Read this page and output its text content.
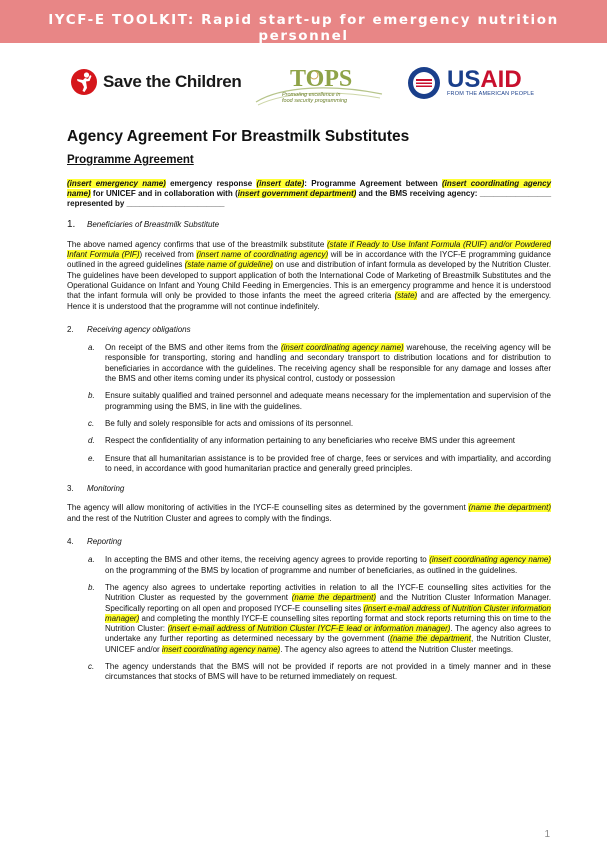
IYCF-E TOOLKIT: Rapid start-up for emergency nutrition personnel
Save the Children TOPS
Promoting excellence in food security programming
USAID
FROM THE AMERICAN PEOPLE
Agency Agreement For Breastmilk Substitutes
Programme Agreement

(insert emergency name) emergency response (insert date): Programme Agreement between (insert coordinating agency name) for UNICEF and in collaboration with (insert government department) and the BMS receiving agency: ________________ represented by ______________________

1. Beneficiaries of Breastmilk Substitute

The above named agency confirms that use of the breastmilk substitute (state if Ready to Use Infant Formula (RUIF) and/or Powdered Infant Formula (PIF)) received from (insert name of coordinating agency) will be in accordance with the IYCF-E programming guidance outlined in the agreed guidelines (state name of guideline) on use and distribution of infant formula as developed by the Nutrition Cluster. The guidelines have been developed to support application of both the International Code of Marketing of Breastmilk Substitutes and the Operational Guidance on Infant and Young Child Feeding in Emergencies. This is an emergency programme and hence it is understood that the infant formula will only be provided to those infants the meet the agreed criteria (state) and are affected by the emergency. Hence it is understood that the programme will not continue indefinitely.

2. Receiving agency obligations
a. On receipt of the BMS and other items from the (insert coordinating agency name) warehouse, the receiving agency will be responsible for transporting, storing and handling and secondary transport to distribution locations and for distribution to beneficiaries in accordance with the guidelines. The receiving agency shall be responsible for any damage and losses after the BMS and other items coming under its physical control, custody or possession
b. Ensure suitably qualified and trained personnel and adequate means necessary for the implementation and supervision of the programming using the BMS, in line with the guidelines.
c. Be fully and solely responsible for acts and omissions of its personnel.
d. Respect the confidentiality of any information pertaining to any beneficiaries who receive BMS under this agreement
e. Ensure that all humanitarian assistance is to be provided free of charge, fees or services and with impartiality, and according to need, in accordance with good humanitarian practice and generally greed principles.
3. Monitoring

The agency will allow monitoring of activities in the IYCF-E counselling sites as determined by the government (name the department) and the rest of the Nutrition Cluster and agrees to comply with the findings.

4. Reporting
a. In accepting the BMS and other items, the receiving agency agrees to provide reporting to (insert coordinating agency name) on the programming of the BMS by location of programme and number of beneficiaries, as outlined in the guidelines.
b. The agency also agrees to undertake reporting activities in relation to all the IYCF-E counselling sites activities for the Nutrition Cluster as requested by the government (name the department) and the Nutrition Cluster Information Manager. Specifically reporting on all open and proposed IYCF-E counselling sites (insert e-mail address of Nutrition Cluster information manager) and completing the monthly IYCF-E counselling sites reporting format and stock reports returning this on time to the Nutrition Cluster: (insert e-mail address of Nutrition Cluster IYCF-E lead or information manager). The agency also agrees to undertake any further reporting as determined necessary by the government ((name the department, the Nutrition Cluster, UNICEF and/or insert coordinating agency name). The agency also agrees to attend the Nutrition Cluster meetings.
c. The agency understands that the BMS will not be provided if reports are not provided in a timely manner and in these circumstances that stocks of BMS will have to be returned immediately on request.
1
